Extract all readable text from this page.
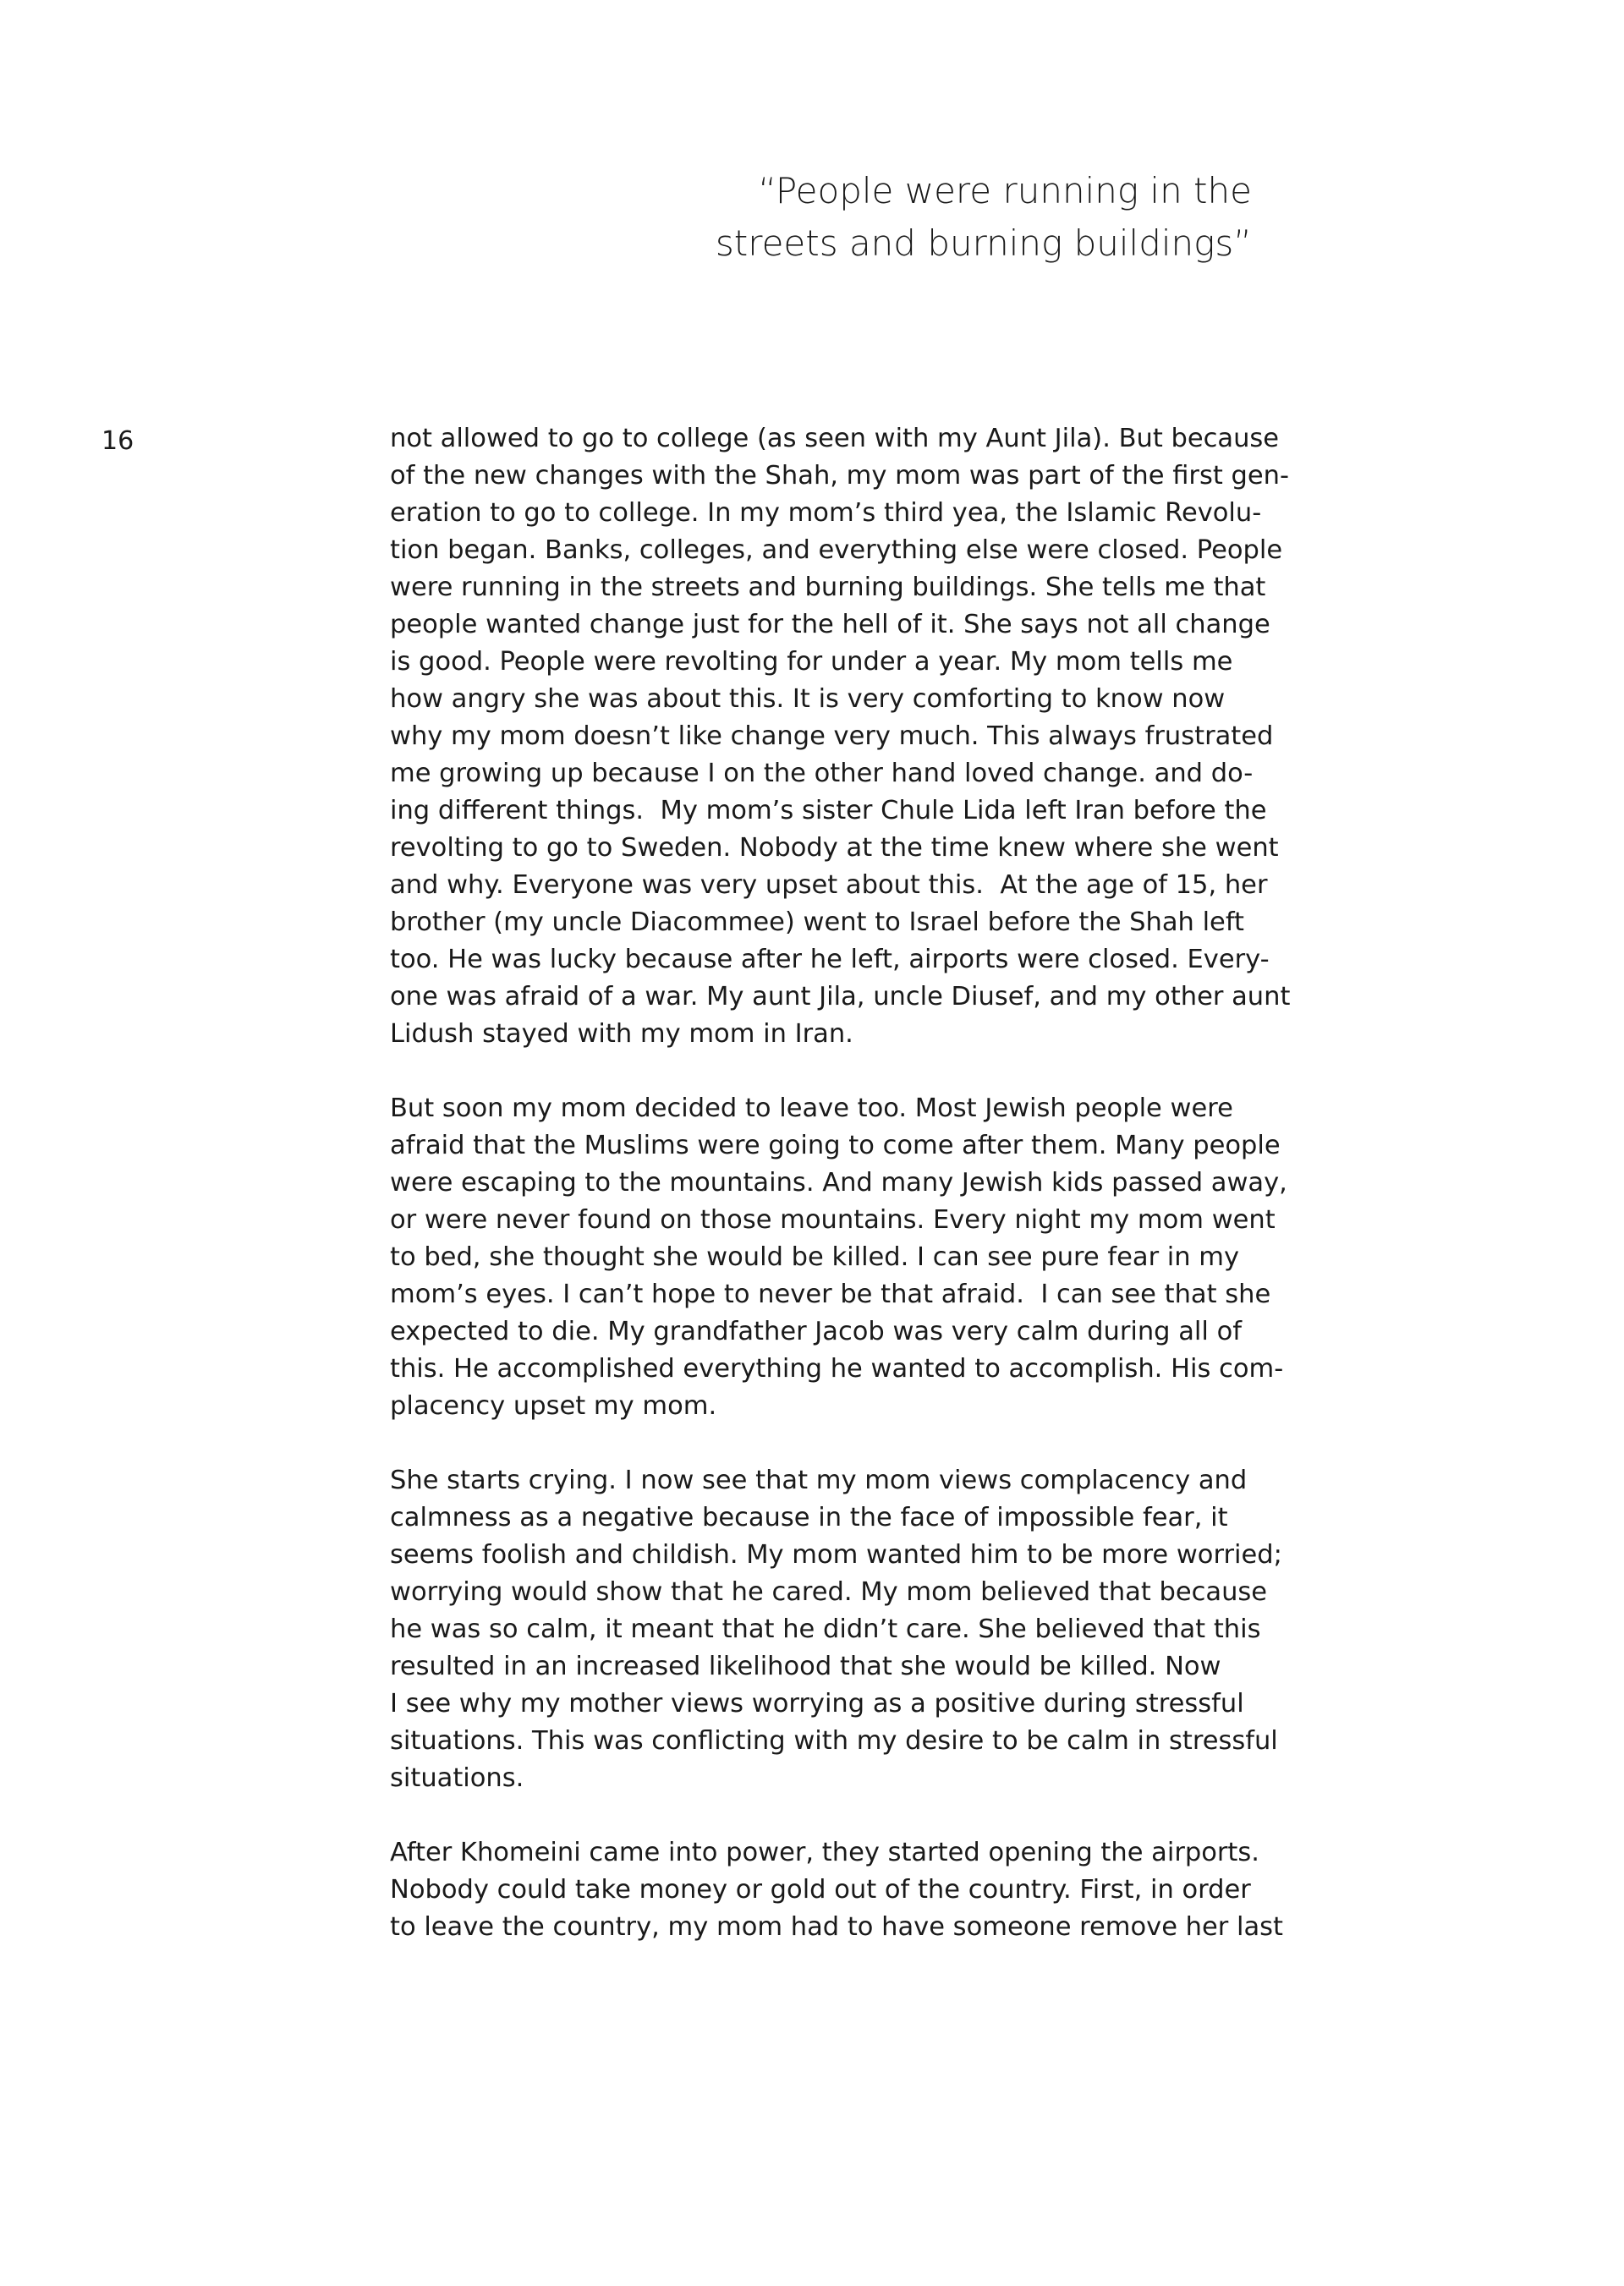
“People were running in the
streets and burning buildings”
16	not allowed to go to college (as seen with my Aunt Jila). But because
of the new changes with the Shah, my mom was part of the first gen-
eration to go to college. In my mom’s third yea, the Islamic Revolu-
tion began. Banks, colleges, and everything else were closed. People
were running in the streets and burning buildings. She tells me that
people wanted change just for the hell of it. She says not all change
is good. People were revolting for under a year. My mom tells me
how angry she was about this. It is very comforting to know now
why my mom doesn’t like change very much. This always frustrated
me growing up because I on the other hand loved change. and do-
ing different things.  My mom’s sister Chule Lida left Iran before the
revolting to go to Sweden. Nobody at the time knew where she went
and why. Everyone was very upset about this.  At the age of 15, her
brother (my uncle Diacommee) went to Israel before the Shah left
too. He was lucky because after he left, airports were closed. Every-
one was afraid of a war. My aunt Jila, uncle Diusef, and my other aunt
Lidush stayed with my mom in Iran.

But soon my mom decided to leave too. Most Jewish people were
afraid that the Muslims were going to come after them. Many people
were escaping to the mountains. And many Jewish kids passed away,
or were never found on those mountains. Every night my mom went
to bed, she thought she would be killed. I can see pure fear in my
mom’s eyes. I can’t hope to never be that afraid.  I can see that she
expected to die. My grandfather Jacob was very calm during all of
this. He accomplished everything he wanted to accomplish. His com-
placency upset my mom.

She starts crying. I now see that my mom views complacency and
calmness as a negative because in the face of impossible fear, it
seems foolish and childish. My mom wanted him to be more worried;
worrying would show that he cared. My mom believed that because
he was so calm, it meant that he didn’t care. She believed that this
resulted in an increased likelihood that she would be killed. Now
I see why my mother views worrying as a positive during stressful
situations. This was conflicting with my desire to be calm in stressful
situations.

After Khomeini came into power, they started opening the airports.
Nobody could take money or gold out of the country. First, in order
to leave the country, my mom had to have someone remove her last
